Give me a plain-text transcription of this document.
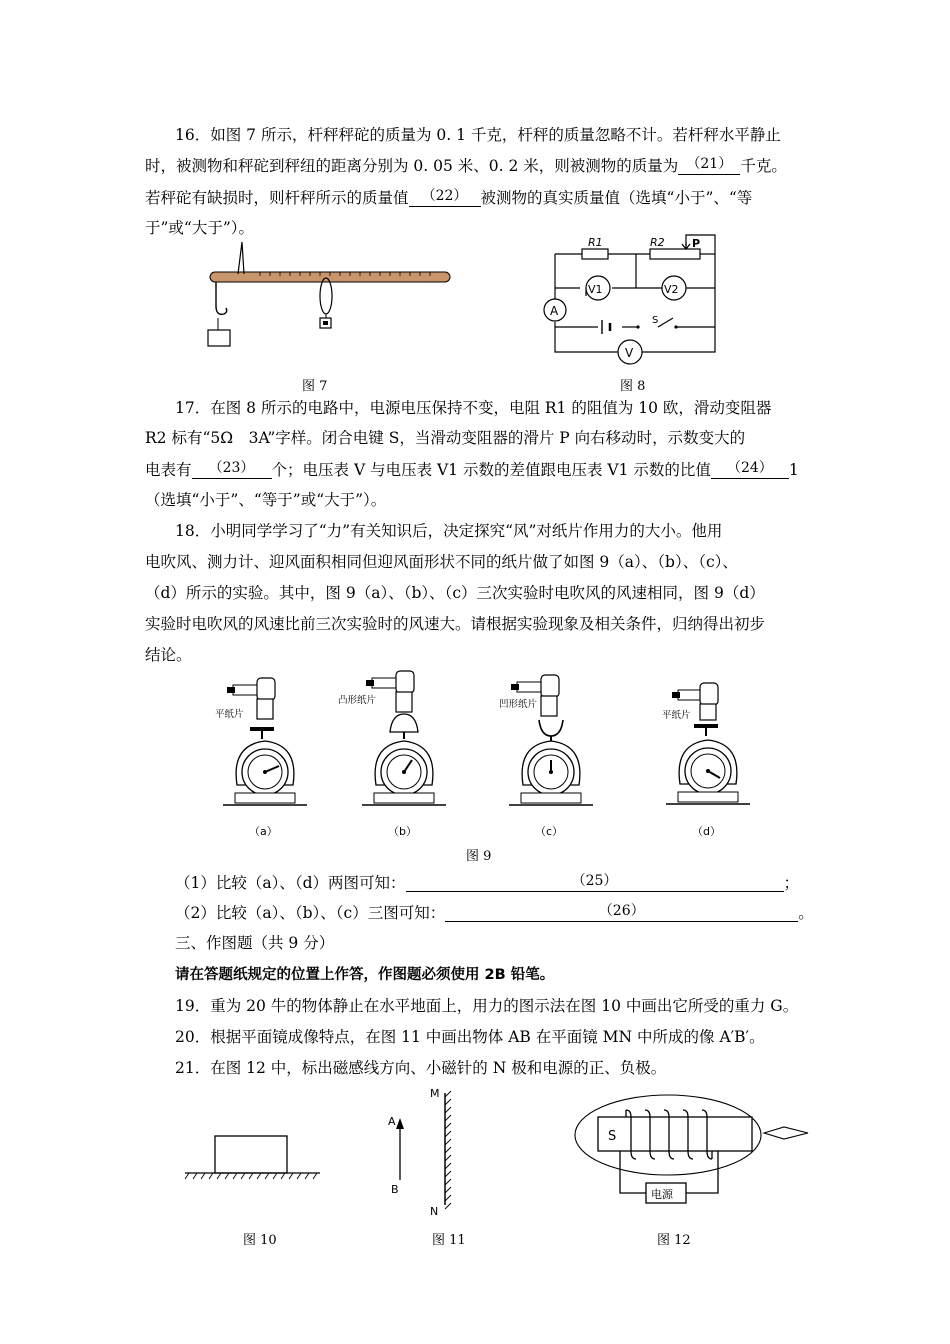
16．如图 7 所示，杆秤秤砣的质量为 0. 1 千克，杆秤的质量忽略不计。若杆秤水平静止
时，被测物和秤砣到秤纽的距离分别为 0. 05 米、0. 2 米，则被测物的质量为 （21） 千克。
若秤砣有缺损时，则杆秤所示的质量值 （22） 被测物的真实质量值（选填“小于”、“等
于”或“大于”）。
图 7
R1	R2 P
V1	V2
A
V
S
图 8
17．在图 8 所示的电路中，电源电压保持不变，电阻 R1 的阻值为 10 欧，滑动变阻器
R2 标有“5Ω　3A”字样。闭合电键 S，当滑动变阻器的滑片 P 向右移动时，示数变大的
电表有 （23） 个；电压表 V 与电压表 V1 示数的差值跟电压表 V1 示数的比值 （24） 1
（选填“小于”、“等于”或“大于”）。
18．小明同学学习了“力”有关知识后，决定探究“风”对纸片作用力的大小。他用
电吹风、测力计、迎风面积相同但迎风面形状不同的纸片做了如图 9（a）、（b）、（c）、
（d）所示的实验。其中，图 9（a）、（b）、（c）三次实验时电吹风的风速相同，图 9（d）
实验时电吹风的风速比前三次实验时的风速大。请根据实验现象及相关条件，归纳得出初步
结论。
平纸片
（a）
凸形纸片
（b）
凹形纸片
（c）
平纸片
（d）
图 9
（1）比较（a）、（d）两图可知：	（25）	；
（2）比较（a）、（b）、（c）三图可知：	（26）	。
三、作图题（共 9 分）
请在答题纸规定的位置上作答，作图题必须使用 2B 铅笔。
19．重为 20 牛的物体静止在水平地面上，用力的图示法在图 10 中画出它所受的重力 G。
20．根据平面镜成像特点，在图 11 中画出物体 AB 在平面镜 MN 中所成的像 A′B′。
21．在图 12 中，标出磁感线方向、小磁针的 N 极和电源的正、负极。
图 10
M
N
A
B
图 11
S
电源
图 12
